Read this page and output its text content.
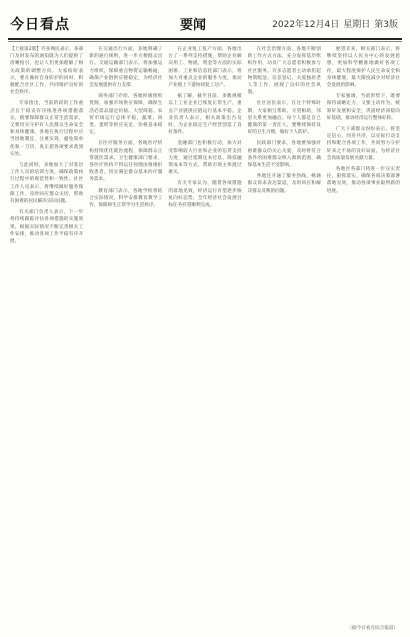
今日看点	要闻	2022年12月4日 星期日 第3版

【上接第2版】许多网民表示，多部门及时发布的通知既为人们提供了清晰指引，也让人们更加理解了相关政策的调整方向。大家纷纷表示，要在做好自身防护的同时，积极配合社区工作，共同维护良好的社会秩序。

专家指出，当前阶段的工作重点在于稳妥有序推进各项措施落实，既要保障群众正常生活需求，又要切实守护好人民群众生命安全和身体健康。各地在执行过程中应当因地制宜，注重实效，避免简单化和一刀切，真正把各项要求落到实处。

与此同时，多地加大了对基层工作人员的培训力度，确保政策执行过程中的规范性和一致性。社区工作人员表示，将继续做好服务保障工作，及时回应群众关切，帮助有困难的居民解决实际问题。

有关部门负责人表示，下一步将持续跟踪评估各项措施的实施效果，根据实际情况不断完善相关工作安排，推动各项工作平稳有序开展。

在交通出行方面，多地明确了新的通行规则，进一步方便群众出行。交通运输部门表示，将加强运力组织，保障重点物资运输畅通，确保产业链供应链稳定，为经济社会发展提供有力支撑。

商务部门介绍，各地积极组织货源，加强市场供应保障，确保生活必需品量足价稳。大型商超、农贸市场运行总体平稳，蔬菜、肉类、蛋奶等供应充足，价格基本稳定。

在医疗服务方面，各地医疗机构持续优化就医流程，保障群众正常就医需求。卫生健康部门要求，各医疗机构不得以任何理由推诿拒收患者，切实满足群众基本医疗服务需求。

教育部门表示，各地学校将结合实际情况，科学安排教育教学工作，保障师生正常学习生活秩序。

在企业复工复产方面，各地出台了一系列支持措施，帮助企业解决用工、物流、资金等方面的实际困难。工业和信息化部门表示，将加大对重点企业的服务力度，推动产业链上下游协同复工达产。

据了解，截至目前，多数规模以上工业企业已恢复正常生产，重点产业链供应链运行基本平稳。企业负责人表示，相关政策出台及时，为企业稳定生产经营创造了良好条件。

金融部门也积极行动，加大对受影响较大行业和企业的信贷支持力度，通过延期还本付息、降低融资成本等方式，帮助市场主体渡过难关。

有关专家认为，随着各项措施的落地见效，经济运行有望逐步恢复向好态势，全年经济社会发展目标任务有望顺利完成。

在社会治理方面，各地不断创新工作方式方法，充分发挥基层组织作用，动员广大志愿者积极参与社区服务。许多志愿者主动承担起物资配送、信息登记、关爱独居老人等工作，展现了良好的社会风貌。

社区居民表示，在这个特殊时期，大家相互帮助、守望相助，邻里关系更加融洽。每个人都是自己健康的第一责任人，要继续保持良好的卫生习惯，做好个人防护。

民政部门要求，各地要加强对困难群众的关心关爱，及时将符合条件的困难群众纳入救助范围，确保基本生活不受影响。

各地还开通了服务热线，畅通群众诉求表达渠道，及时回应和解决群众反映的问题。

展望未来，相关部门表示，将继续坚持以人民为中心的发展思想，更加科学精准地做好各项工作，最大程度保护人民生命安全和身体健康，最大限度减少对经济社会发展的影响。

专家强调，当前形势下，既要保持战略定力，又要主动作为，统筹好发展和安全，巩固经济回稳向好基础，推动经济运行整体好转。

广大干部群众纷纷表示，将坚定信心、同舟共济，以实际行动支持和配合各项工作，共同努力守护好来之不易的良好局面，为经济社会高质量发展贡献力量。

各地区各部门将进一步压实责任，狠抓落实，确保各项决策部署落地见效，推动各项事业取得新的进展。

（据今日看点综合报道）
